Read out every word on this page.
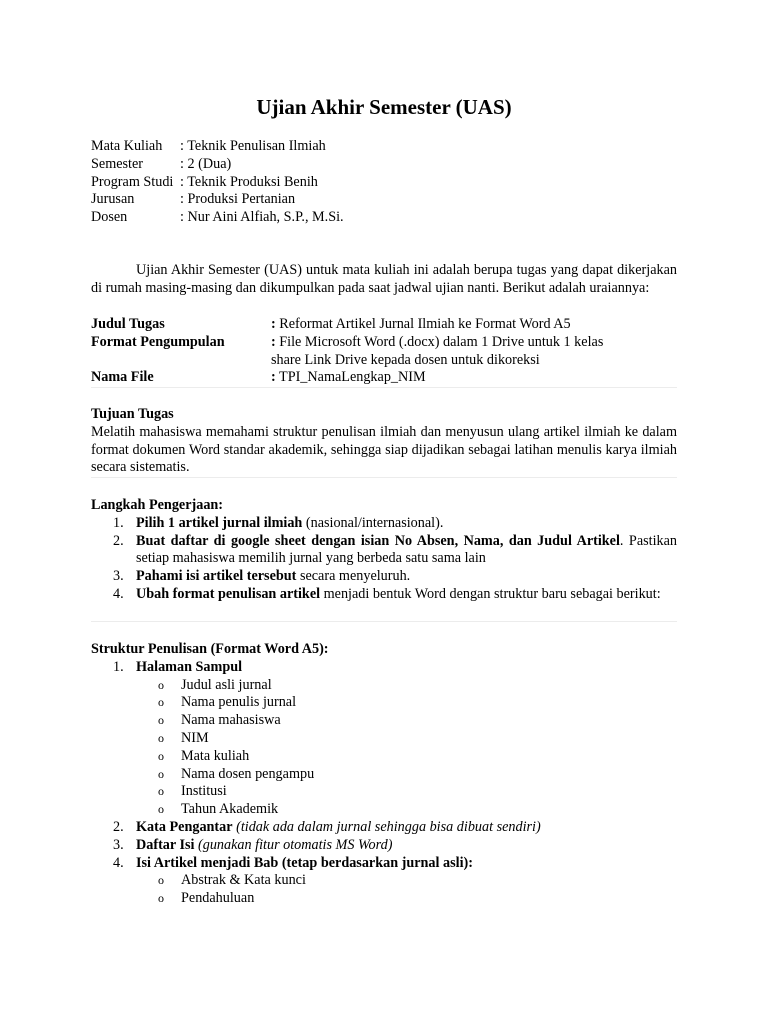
Ujian Akhir Semester (UAS)
Mata Kuliah	: Teknik Penulisan Ilmiah
Semester	: 2 (Dua)
Program Studi : Teknik Produksi Benih
Jurusan	: Produksi Pertanian
Dosen	: Nur Aini Alfiah, S.P., M.Si.

Ujian Akhir Semester (UAS) untuk mata kuliah ini adalah berupa tugas yang dapat dikerjakan di rumah masing-masing dan dikumpulkan pada saat jadwal ujian nanti. Berikut adalah uraiannya:

Judul Tugas	: Reformat Artikel Jurnal Ilmiah ke Format Word A5
Format Pengumpulan	: File Microsoft Word (.docx) dalam 1 Drive untuk 1 kelas
share Link Drive kepada dosen untuk dikoreksi
Nama File	: TPI_NamaLengkap_NIM
Tujuan Tugas
Melatih mahasiswa memahami struktur penulisan ilmiah dan menyusun ulang artikel ilmiah ke dalam format dokumen Word standar akademik, sehingga siap dijadikan sebagai latihan menulis karya ilmiah secara sistematis.
Langkah Pengerjaan:
1. Pilih 1 artikel jurnal ilmiah (nasional/internasional).
2. Buat daftar di google sheet dengan isian No Absen, Nama, dan Judul Artikel. Pastikan setiap mahasiswa memilih jurnal yang berbeda satu sama lain
3. Pahami isi artikel tersebut secara menyeluruh.
4. Ubah format penulisan artikel menjadi bentuk Word dengan struktur baru sebagai berikut:
Struktur Penulisan (Format Word A5):
1. Halaman Sampul
o Judul asli jurnal
o Nama penulis jurnal
o Nama mahasiswa
o NIM
o Mata kuliah
o Nama dosen pengampu
o Institusi
o Tahun Akademik
2. Kata Pengantar (tidak ada dalam jurnal sehingga bisa dibuat sendiri)
3. Daftar Isi (gunakan fitur otomatis MS Word)
4. Isi Artikel menjadi Bab (tetap berdasarkan jurnal asli):
o Abstrak & Kata kunci
o Pendahuluan
